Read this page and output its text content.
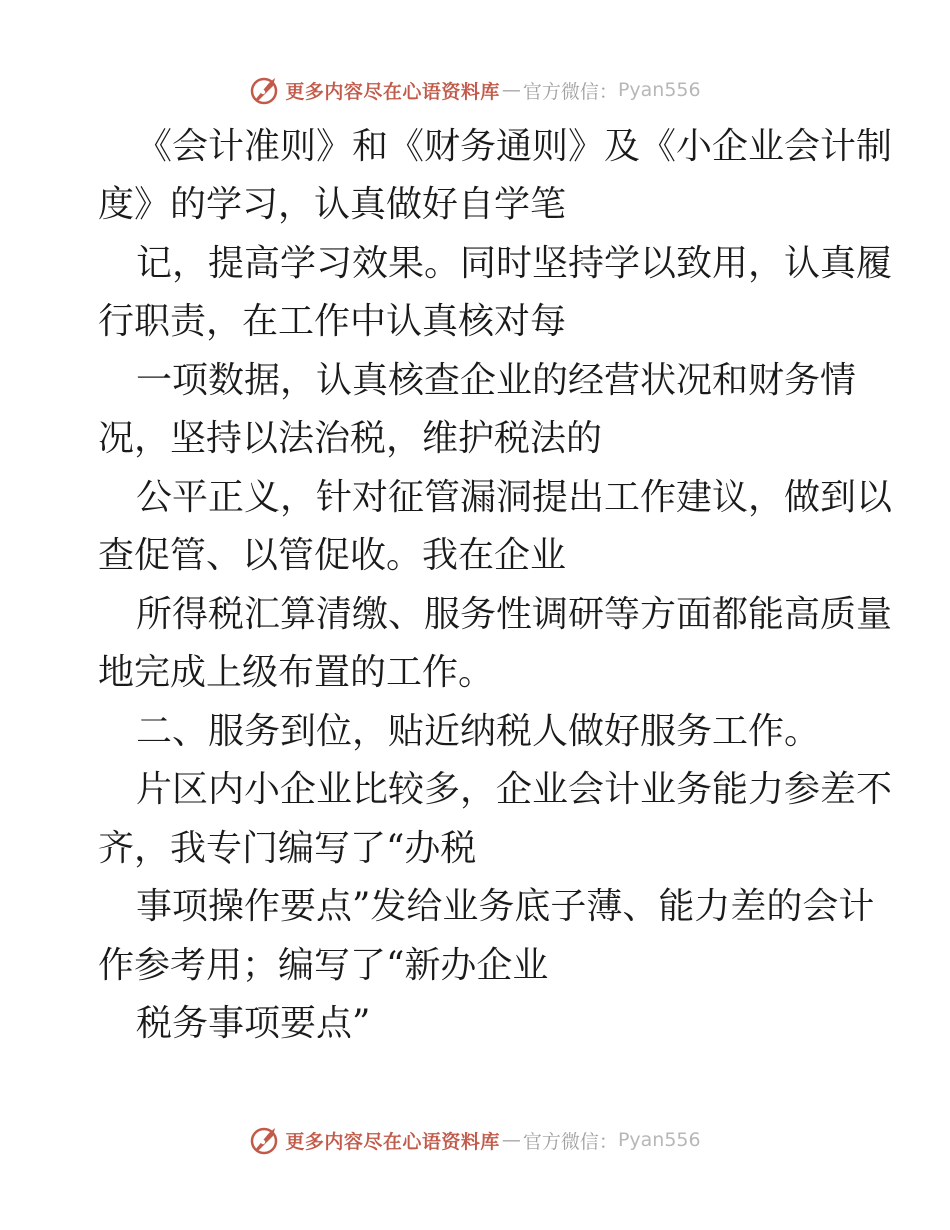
更多内容尽在心语资料库 — 官方微信： Pyan556
《会计准则》和《财务通则》及《小企业会计制
度》的学习，认真做好自学笔
记，提高学习效果。同时坚持学以致用，认真履
行职责，在工作中认真核对每
一项数据，认真核查企业的经营状况和财务情
况，坚持以法治税，维护税法的
公平正义，针对征管漏洞提出工作建议，做到以
查促管、以管促收。我在企业
所得税汇算清缴、服务性调研等方面都能高质量
地完成上级布置的工作。
二、服务到位，贴近纳税人做好服务工作。
片区内小企业比较多，企业会计业务能力参差不
齐，我专门编写了“办税
事项操作要点”发给业务底子薄、能力差的会计
作参考用；编写了“新办企业
税务事项要点”
更多内容尽在心语资料库 — 官方微信： Pyan556
